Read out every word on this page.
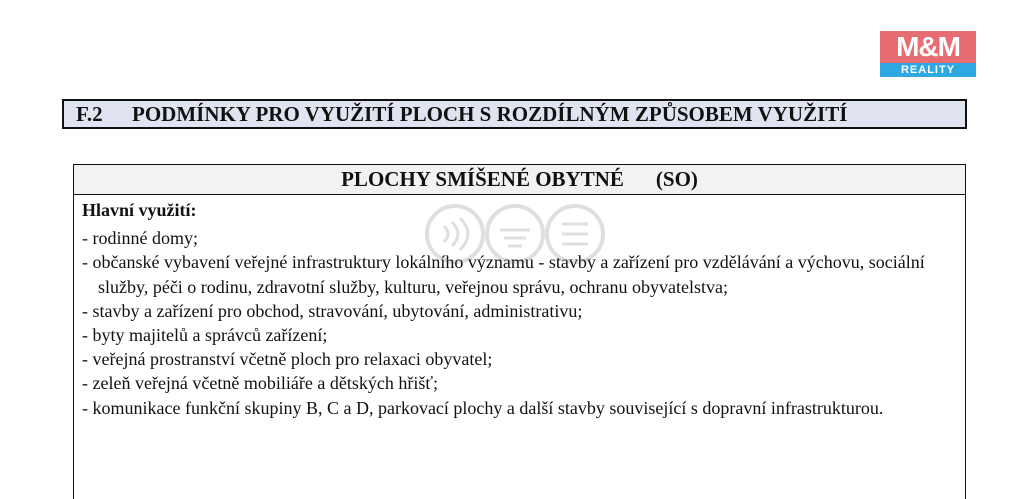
M&M
REALITY
F.2	PODMÍNKY PRO VYUŽITÍ PLOCH S ROZDÍLNÝM ZPŮSOBEM VYUŽITÍ
PLOCHY SMÍŠENÉ OBYTNÉ (SO)
Hlavní využití:

- rodinné domy;

- občanské vybavení veřejné infrastruktury lokálního významu - stavby a zařízení pro vzdělávání a výchovu, sociální služby, péči o rodinu, zdravotní služby, kulturu, veřejnou správu, ochranu obyvatelstva;

- stavby a zařízení pro obchod, stravování, ubytování, administrativu;

- byty majitelů a správců zařízení;

- veřejná prostranství včetně ploch pro relaxaci obyvatel;

- zeleň veřejná včetně mobiliáře a dětských hřišť;

- komunikace funkční skupiny B, C a D, parkovací plochy a další stavby související s dopravní infrastrukturou.
